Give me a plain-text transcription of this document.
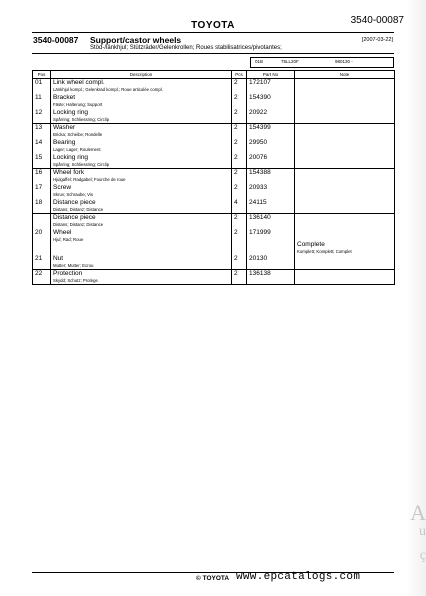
A
u
ç
3540-00087
TOYOTA
3540-00087 Support/castor wheels	[2007-03-22]
Stöd-/länkhjul; Stützräder/Gelenkrollen; Roues stabilisatrices/pivotantes;
01B	75LL20F	980130 -
Pos	Description	Pcs	Part No	Note
01	Link wheel compl.
Länkhjul kompl.; Gelenkrad kompl.; Roue articulée compl.	2	172107	
11	Bracket
Fäste; Halterung; Support	2	154390	
12	Locking ring
Spårring; Schliessring; Circlip	2	20922	
13	Washer
Bricka; Scheibe; Rondelle	2	154399	
14	Bearing
Lager; Lager; Roulement	2	29950	
15	Locking ring
Spårring; Schliessring; Circlip	2	20076	
16	Wheel fork
Hjulgaffel; Radgabel; Fourche de roue	2	154388	
17	Screw
Skruv; Schraube; Vis	2	20933	
18	Distance piece
Distans; Distanz; Distance	4	24115	

	Distance piece
Distans; Distanz; Distance	2	136140	
20	Wheel
Hjul; Rad; Roue	2	171999	Complete
Komplett; Komplett; Complet

21	Nut
Mutter; Mutter; Ecrou	2	20130	
22	Protection
Skydd; Schutz; Protège	2	136138	
© TOYOTA www.epcatalogs.com
